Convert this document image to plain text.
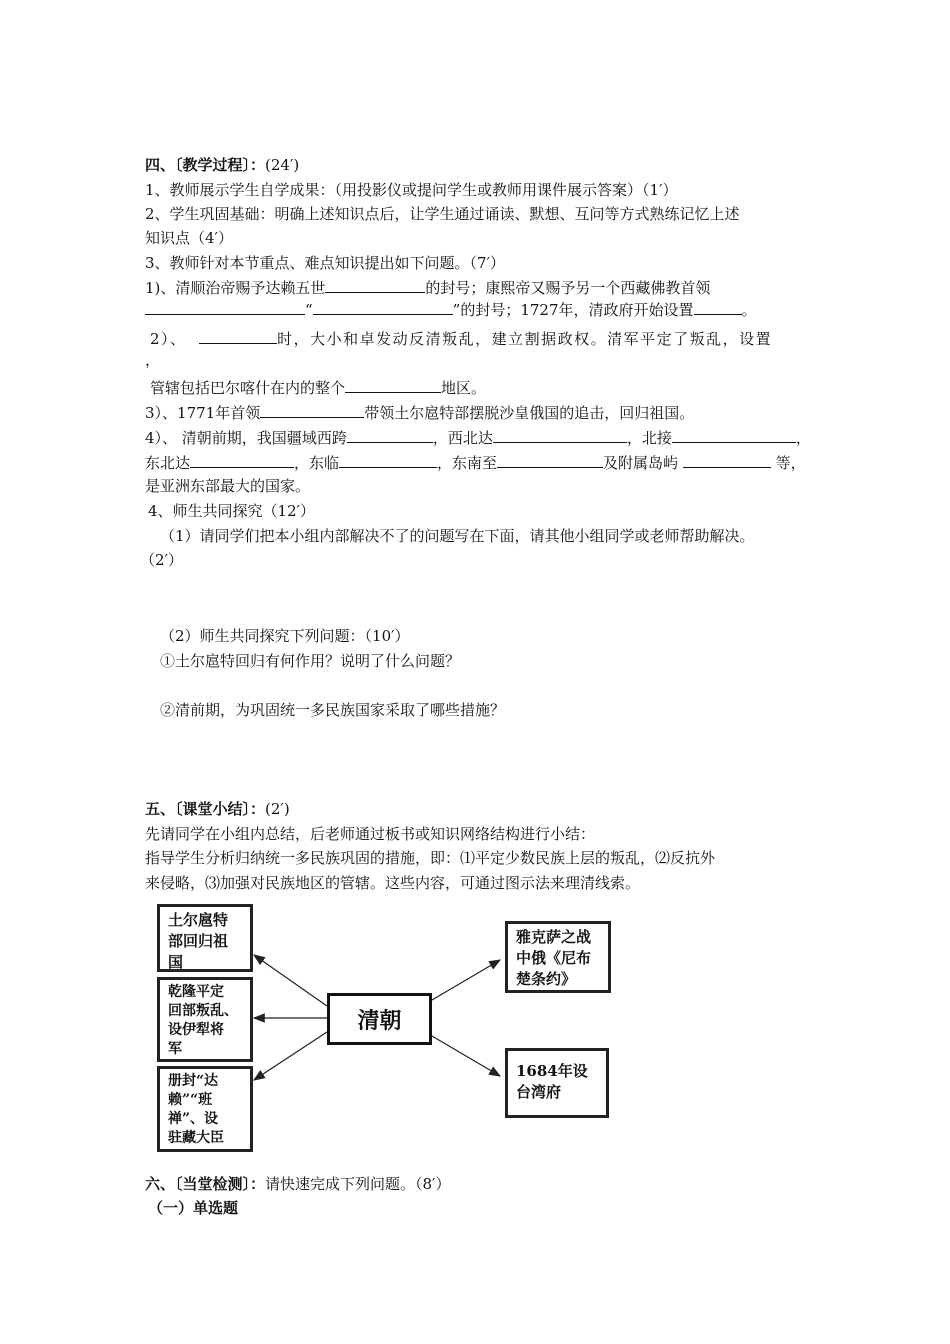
四、〔教学过程〕：(24′)
1、教师展示学生自学成果：（用投影仪或提问学生或教师用课件展示答案）（1′）
2、学生巩固基础：明确上述知识点后，让学生通过诵读、默想、互问等方式熟练记忆上述
知识点（4′）
3、教师针对本节重点、难点知识提出如下问题。（7′）
1)、清顺治帝赐予达赖五世	的封号；康熙帝又赐予另一个西藏佛教首领
“	”的封号；1727年，清政府开始设置	。
2）、	时，大小和卓发动反清叛乱，建立割据政权。清军平定了叛乱，设置
，
管辖包括巴尔喀什在内的整个	地区。
3）、1771年首领	带领土尔扈特部摆脱沙皇俄国的追击，回归祖国。
4）、 清朝前期，我国疆域西跨	，西北达	，北接	，
东北达	，东临	，东南至	及附属岛屿	等，
是亚洲东部最大的国家。
4、师生共同探究（12′）
（1）请同学们把本小组内部解决不了的问题写在下面，请其他小组同学或老师帮助解决。
（2′）
（2）师生共同探究下列问题：（10′）
①土尔扈特回归有何作用？说明了什么问题？
②清前期，为巩固统一多民族国家采取了哪些措施？
五、〔课堂小结〕：(2′)
先请同学在小组内总结，后老师通过板书或知识网络结构进行小结：
指导学生分析归纳统一多民族巩固的措施，即：⑴平定少数民族上层的叛乱，⑵反抗外
来侵略，⑶加强对民族地区的管辖。这些内容，可通过图示法来理清线索。
清朝
土尔扈特
部回归祖
国
乾隆平定
回部叛乱、
设伊犁将
军
册封“达
赖”“班
禅”、设
驻藏大臣
雅克萨之战
中俄《尼布
楚条约》
1684年设
台湾府
六、〔当堂检测〕：请快速完成下列问题。（8′）
（一）单选题
